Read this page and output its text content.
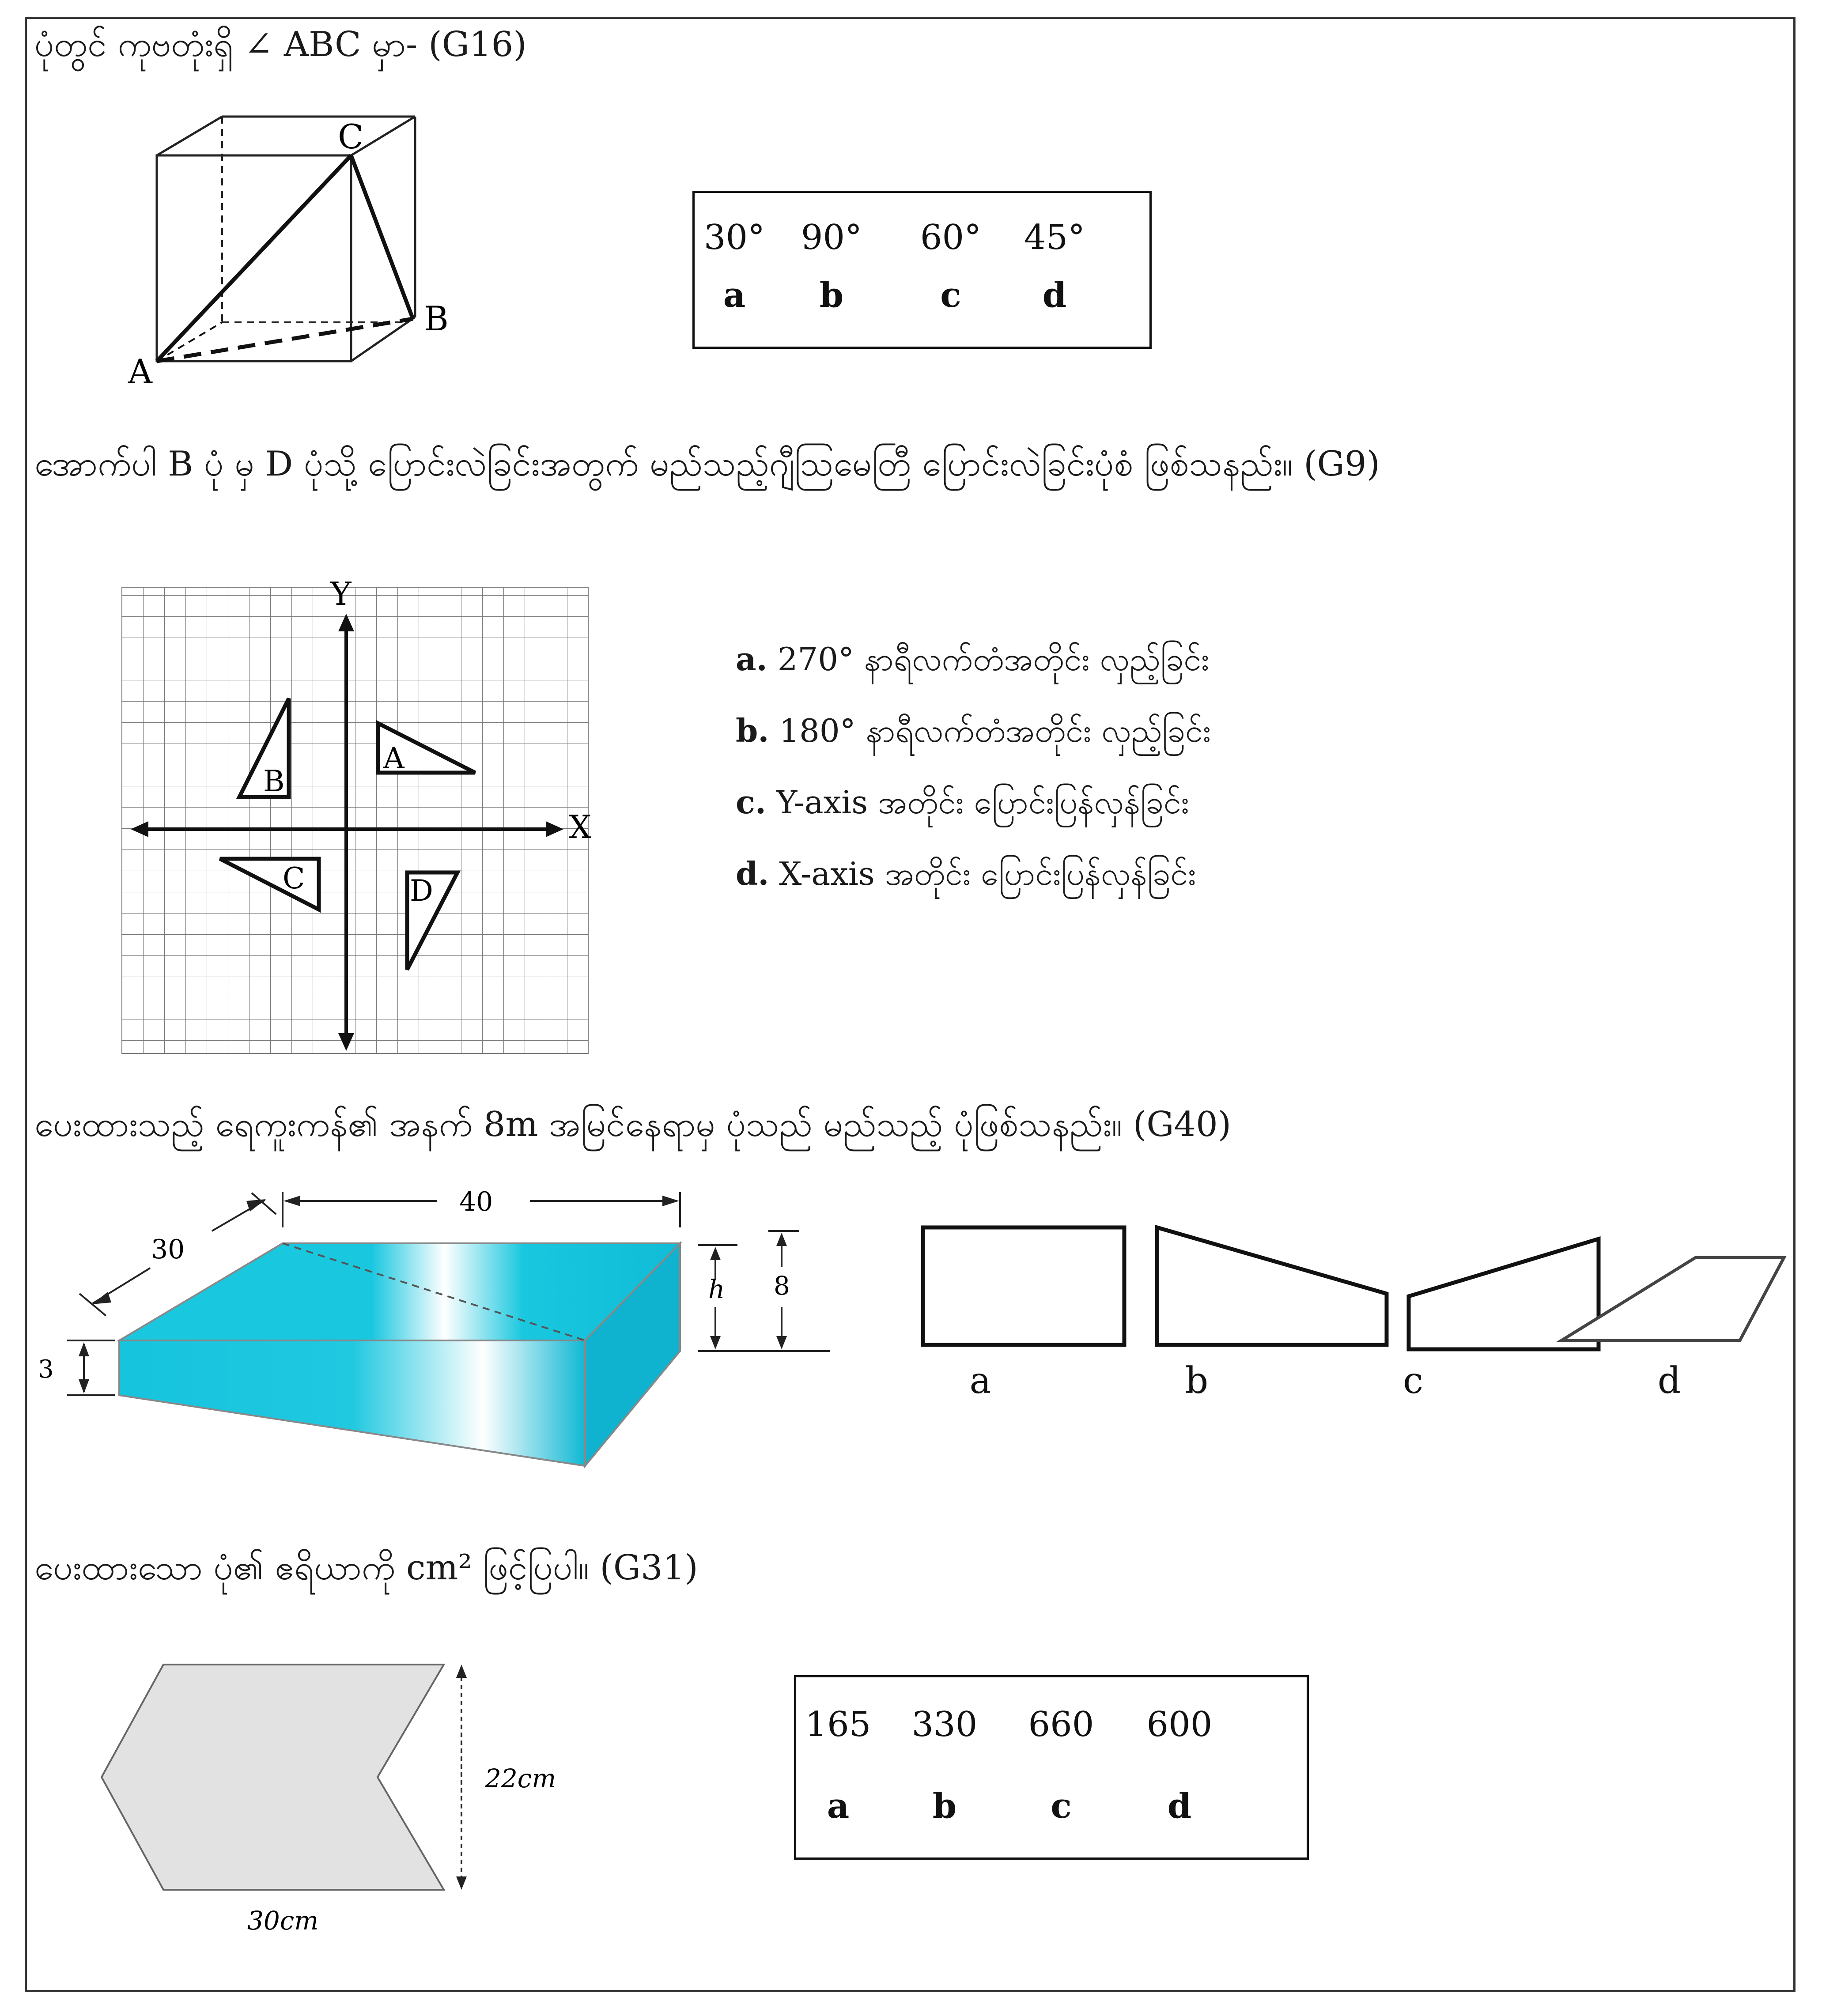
ပုံတွင် ကုဗတုံးရှိ ∠ ABC မှာ- (G16)
C
B
A
30° 90° 60° 45°
a	b	c	d
အောက်ပါ B ပုံ မှ D ပုံသို့ ပြောင်းလဲခြင်းအတွက် မည်သည့်ဂျီဩမေတြီ ပြောင်းလဲခြင်းပုံစံ ဖြစ်သနည်း။ (G9)
Y
X
A
B
C	D
a. 270° နာရီလက်တံအတိုင်း လှည့်ခြင်း
b. 180° နာရီလက်တံအတိုင်း လှည့်ခြင်း
c. Y-axis အတိုင်း ပြောင်းပြန်လှန်ခြင်း
d. X-axis အတိုင်း ပြောင်းပြန်လှန်ခြင်း
ပေးထားသည့် ရေကူးကန်၏ အနက် 8m အမြင်နေရာမှ ပုံသည် မည်သည့် ပုံဖြစ်သနည်း။ (G40)
40
30
3
h 8
a	b	c	d
ပေးထားသော ပုံ၏ ဧရိယာကို cm² ဖြင့်ပြပါ။ (G31)
22cm
30cm
165 330 660 600
a	b	c	d
